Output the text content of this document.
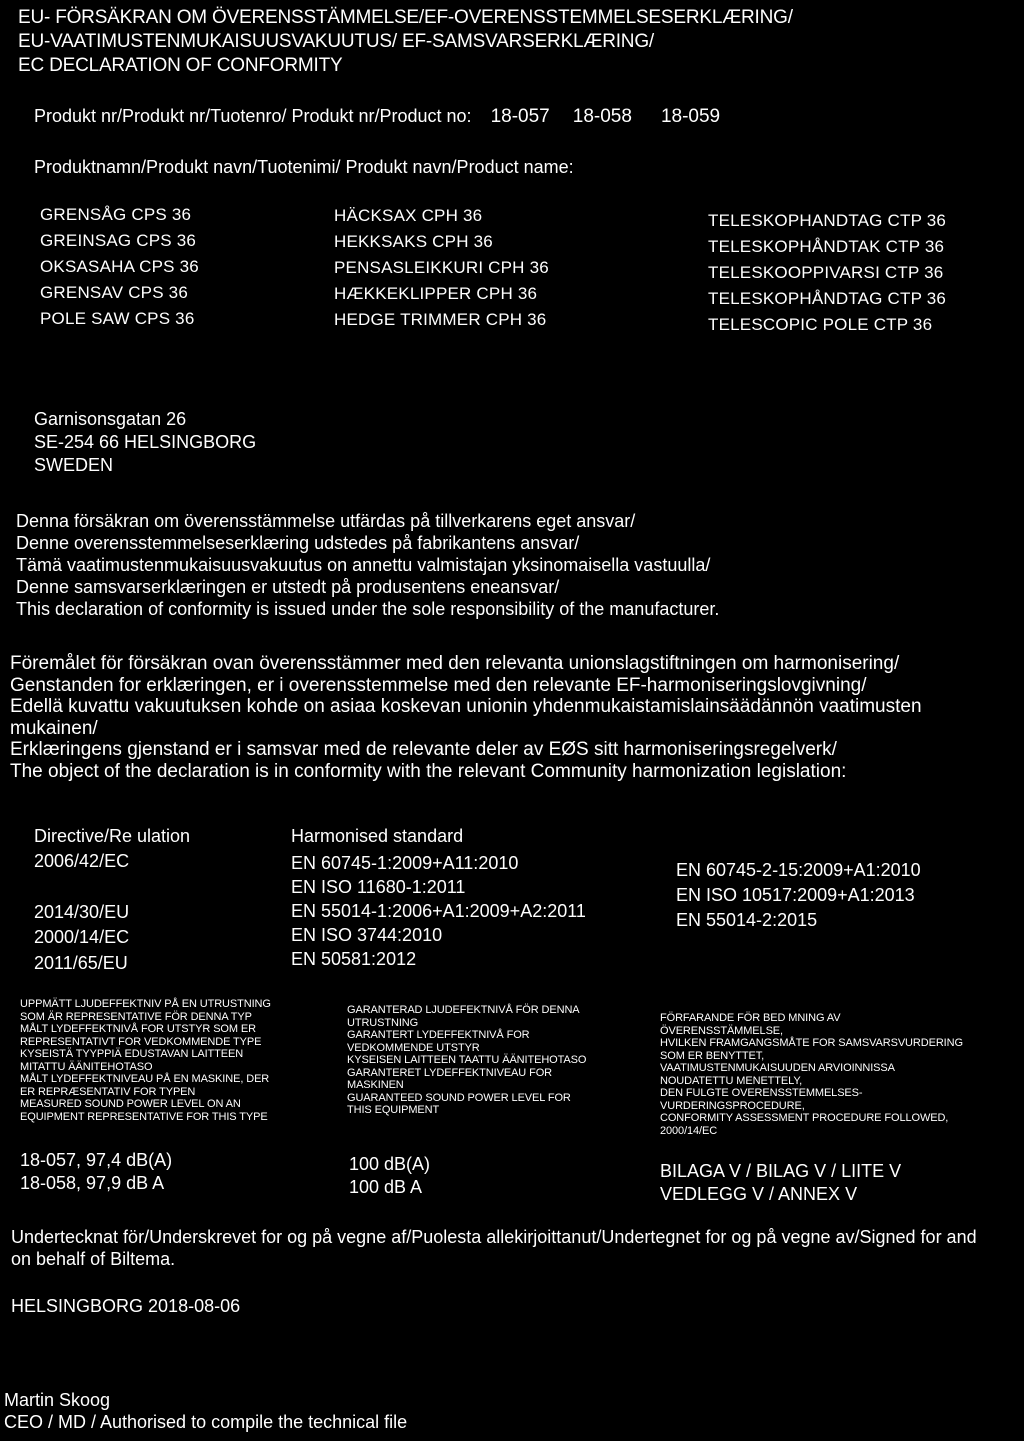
EU- FÖRSÄKRAN OM ÖVERENSSTÄMMELSE/EF-OVERENSSTEMMELSESERKLÆRING/
EU-VAATIMUSTENMUKAISUUSVAKUUTUS/ EF-SAMSVARSERKLÆRING/
EC DECLARATION OF CONFORMITY
Produkt nr/Produkt nr/Tuotenro/ Produkt nr/Product no: 18-057 18-058 18-059
Produktnamn/Produkt navn/Tuotenimi/ Produkt navn/Product name:
GRENSÅG CPS 36
GREINSAG CPS 36
OKSASAHA CPS 36
GRENSAV CPS 36
POLE SAW CPS 36
HÄCKSAX CPH 36
HEKKSAKS CPH 36
PENSASLEIKKURI CPH 36
HÆKKEKLIPPER CPH 36
HEDGE TRIMMER CPH 36
TELESKOPHANDTAG CTP 36
TELESKOPHÅNDTAK CTP 36
TELESKOOPPIVARSI CTP 36
TELESKOPHÅNDTAG CTP 36
TELESCOPIC POLE CTP 36
Garnisonsgatan 26
SE-254 66 HELSINGBORG
SWEDEN
Denna försäkran om överensstämmelse utfärdas på tillverkarens eget ansvar/
Denne overensstemmelseserklæring udstedes på fabrikantens ansvar/
Tämä vaatimustenmukaisuusvakuutus on annettu valmistajan yksinomaisella vastuulla/
Denne samsvarserklæringen er utstedt på produsentens eneansvar/
This declaration of conformity is issued under the sole responsibility of the manufacturer.
Föremålet för försäkran ovan överensstämmer med den relevanta unionslagstiftningen om harmonisering/
Genstanden for erklæringen, er i overensstemmelse med den relevante EF-harmoniseringslovgivning/
Edellä kuvattu vakuutuksen kohde on asiaa koskevan unionin yhdenmukaistamislainsäädännön vaatimusten
mukainen/
Erklæringens gjenstand er i samsvar med de relevante deler av EØS sitt harmoniseringsregelverk/
The object of the declaration is in conformity with the relevant Community harmonization legislation:
Directive/Re ulation	Harmonised standard
2006/42/EC
2014/30/EU
2000/14/EC
2011/65/EU
EN 60745-1:2009+A11:2010
EN ISO 11680-1:2011
EN 55014-1:2006+A1:2009+A2:2011
EN ISO 3744:2010
EN 50581:2012
EN 60745-2-15:2009+A1:2010
EN ISO 10517:2009+A1:2013
EN 55014-2:2015
UPPMÄTT LJUDEFFEKTNIV PÅ EN UTRUSTNING
SOM ÄR REPRESENTATIVE FÖR DENNA TYP
MÅLT LYDEFFEKTNIVÅ FOR UTSTYR SOM ER
REPRESENTATIVT FOR VEDKOMMENDE TYPE
KYSEISTÄ TYYPPIÄ EDUSTAVAN LAITTEEN
MITATTU ÄÄNITEHOTASO
MÅLT LYDEFFEKTNIVEAU PÅ EN MASKINE, DER
ER REPRÆSENTATIV FOR TYPEN
MEASURED SOUND POWER LEVEL ON AN
EQUIPMENT REPRESENTATIVE FOR THIS TYPE
GARANTERAD LJUDEFEKTNIVÅ FÖR DENNA
UTRUSTNING
GARANTERT LYDEFFEKTNIVÅ FOR
VEDKOMMENDE UTSTYR
KYSEISEN LAITTEEN TAATTU ÄÄNITEHOTASO
GARANTERET LYDEFFEKTNIVEAU FOR
MASKINEN
GUARANTEED SOUND POWER LEVEL FOR
THIS EQUIPMENT
FÖRFARANDE FÖR BED MNING AV
ÖVERENSSTÄMMELSE,
HVILKEN FRAMGANGSMÅTE FOR SAMSVARSVURDERING
SOM ER BENYTTET,
VAATIMUSTENMUKAISUUDEN ARVIOINNISSA
NOUDATETTU MENETTELY,
DEN FULGTE OVERENSSTEMMELSES-
VURDERINGSPROCEDURE,
CONFORMITY ASSESSMENT PROCEDURE FOLLOWED,
2000/14/EC
18-057, 97,4 dB(A)
18-058, 97,9 dB A
100 dB(A)
100 dB A
BILAGA V / BILAG V / LIITE V
VEDLEGG V / ANNEX V
Undertecknat för/Underskrevet for og på vegne af/Puolesta allekirjoittanut/Undertegnet for og på vegne av/Signed for and on behalf of Biltema.
HELSINGBORG 2018-08-06
Martin Skoog
CEO / MD / Authorised to compile the technical file
